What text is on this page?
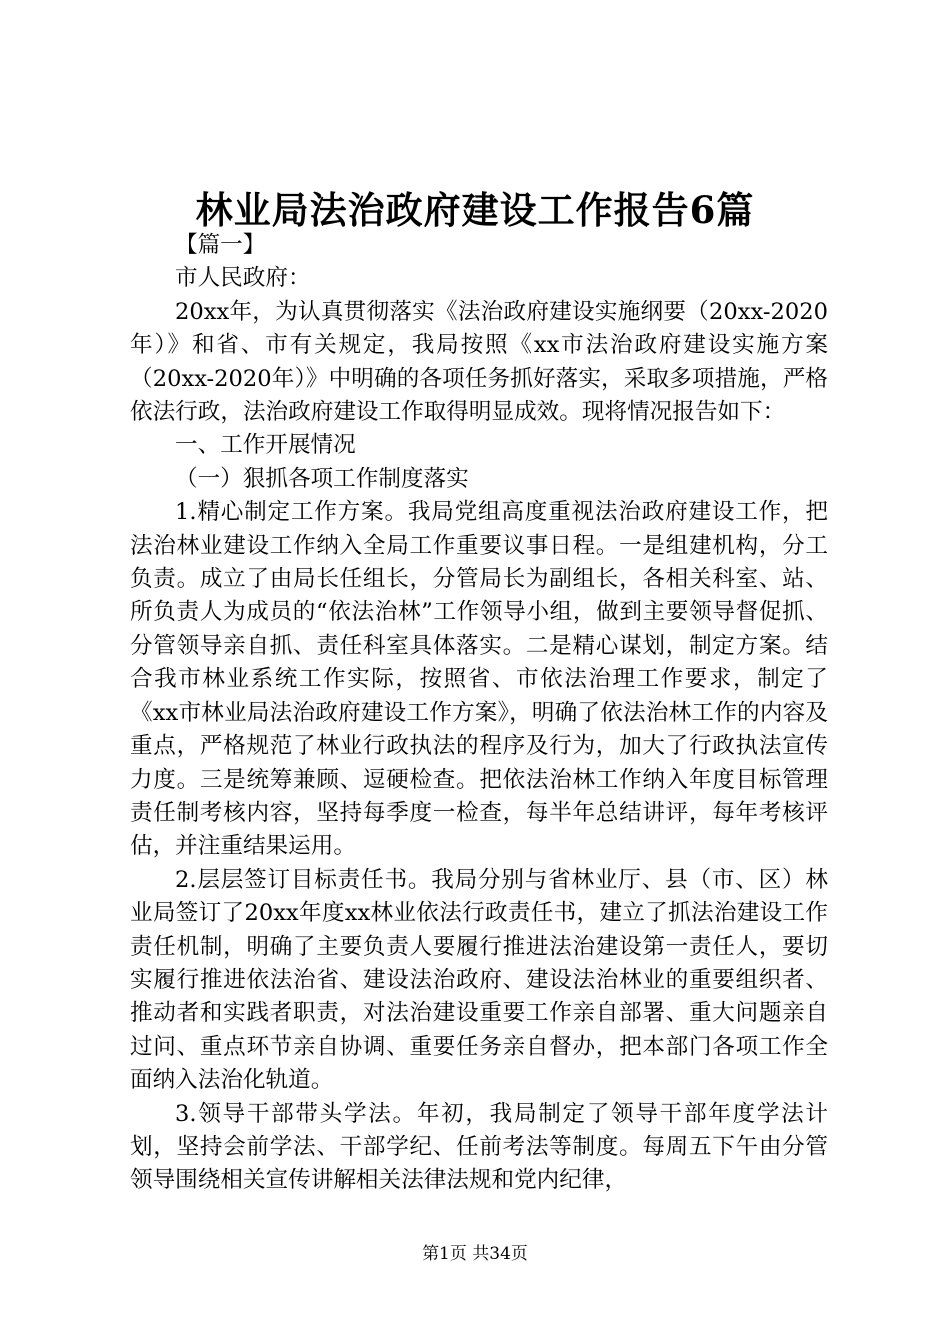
林业局法治政府建设工作报告6篇

【篇一】

市人民政府：

20xx年，为认真贯彻落实《法治政府建设实施纲要（20xx-2020年）》和省、市有关规定，我局按照《xx市法治政府建设实施方案（20xx-2020年）》中明确的各项任务抓好落实，采取多项措施，严格依法行政，法治政府建设工作取得明显成效。现将情况报告如下：

一、工作开展情况

（一）狠抓各项工作制度落实

1.精心制定工作方案。我局党组高度重视法治政府建设工作，把法治林业建设工作纳入全局工作重要议事日程。一是组建机构，分工负责。成立了由局长任组长，分管局长为副组长，各相关科室、站、所负责人为成员的“依法治林”工作领导小组，做到主要领导督促抓、分管领导亲自抓、责任科室具体落实。二是精心谋划，制定方案。结合我市林业系统工作实际，按照省、市依法治理工作要求，制定了《xx市林业局法治政府建设工作方案》，明确了依法治林工作的内容及重点，严格规范了林业行政执法的程序及行为，加大了行政执法宣传力度。三是统筹兼顾、逗硬检查。把依法治林工作纳入年度目标管理责任制考核内容，坚持每季度一检查，每半年总结讲评，每年考核评估，并注重结果运用。

2.层层签订目标责任书。我局分别与省林业厅、县（市、区）林业局签订了20xx年度xx林业依法行政责任书，建立了抓法治建设工作责任机制，明确了主要负责人要履行推进法治建设第一责任人，要切实履行推进依法治省、建设法治政府、建设法治林业的重要组织者、推动者和实践者职责，对法治建设重要工作亲自部署、重大问题亲自过问、重点环节亲自协调、重要任务亲自督办，把本部门各项工作全面纳入法治化轨道。

3.领导干部带头学法。年初，我局制定了领导干部年度学法计划，坚持会前学法、干部学纪、任前考法等制度。每周五下午由分管领导围绕相关宣传讲解相关法律法规和党内纪律，

第1页 共34页
